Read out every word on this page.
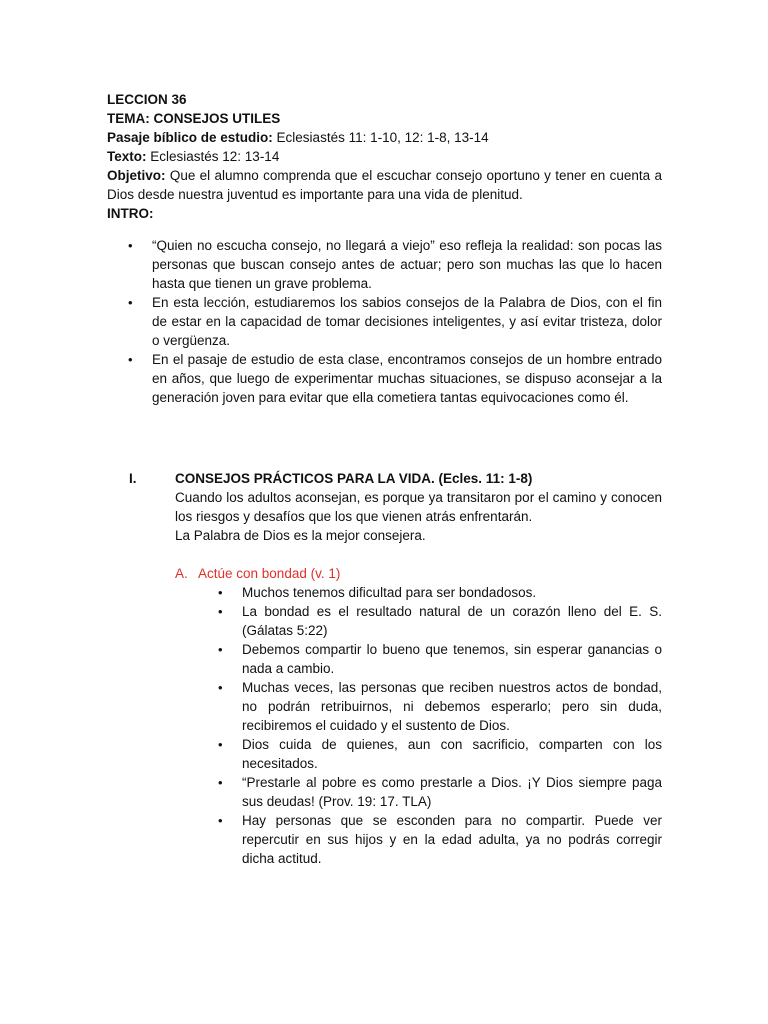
LECCION 36

TEMA: CONSEJOS UTILES

Pasaje bíblico de estudio: Eclesiastés 11: 1-10, 12: 1-8, 13-14

Texto: Eclesiastés 12: 13-14

Objetivo: Que el alumno comprenda que el escuchar consejo oportuno y tener en cuenta a Dios desde nuestra juventud es importante para una vida de plenitud.

INTRO:

• “Quien no escucha consejo, no llegará a viejo” eso refleja la realidad: son pocas las personas que buscan consejo antes de actuar; pero son muchas las que lo hacen hasta que tienen un grave problema.
• En esta lección, estudiaremos los sabios consejos de la Palabra de Dios, con el fin de estar en la capacidad de tomar decisiones inteligentes, y así evitar tristeza, dolor o vergüenza.
• En el pasaje de estudio de esta clase, encontramos consejos de un hombre entrado en años, que luego de experimentar muchas situaciones, se dispuso aconsejar a la generación joven para evitar que ella cometiera tantas equivocaciones como él.
I.	CONSEJOS PRÁCTICOS PARA LA VIDA. (Ecles. 11: 1-8)

Cuando los adultos aconsejan, es porque ya transitaron por el camino y conocen los riesgos y desafíos que los que vienen atrás enfrentarán.

La Palabra de Dios es la mejor consejera.

A. Actúe con bondad (v. 1)
• Muchos tenemos dificultad para ser bondadosos.
• La bondad es el resultado natural de un corazón lleno del E. S. (Gálatas 5:22)
• Debemos compartir lo bueno que tenemos, sin esperar ganancias o nada a cambio.
• Muchas veces, las personas que reciben nuestros actos de bondad, no podrán retribuirnos, ni debemos esperarlo; pero sin duda, recibiremos el cuidado y el sustento de Dios.
• Dios cuida de quienes, aun con sacrificio, comparten con los necesitados.
• “Prestarle al pobre es como prestarle a Dios. ¡Y Dios siempre paga sus deudas! (Prov. 19: 17. TLA)
• Hay personas que se esconden para no compartir. Puede ver repercutir en sus hijos y en la edad adulta, ya no podrás corregir dicha actitud.
